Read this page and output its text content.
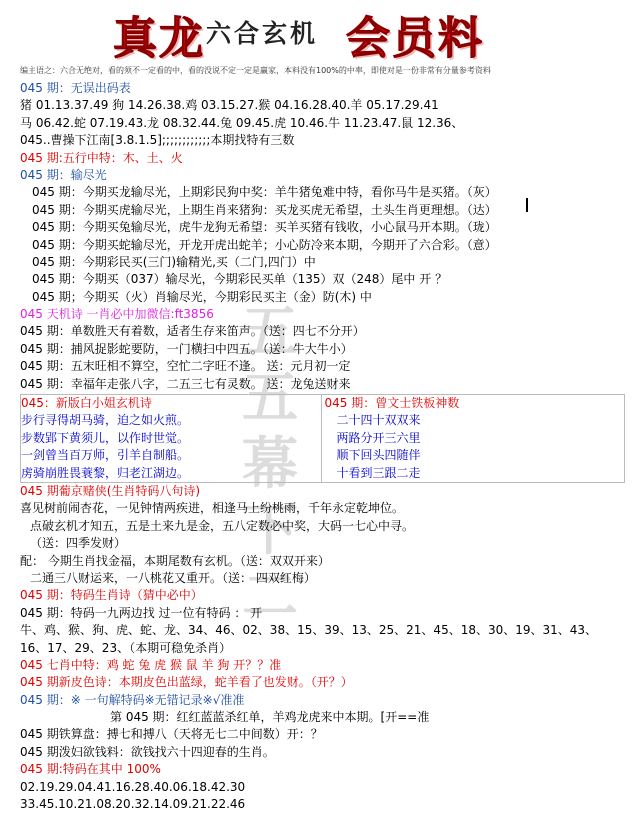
真龙 六合玄机 会员料
编主语之：六合无绝对，看的须不一定看的中，看的没说不定一定是赢家，本料没有100%的中率，即使对是一份非常有分量参考资料
五 五 幕 下 二
045 期：无误出码表
猪 01.13.37.49 狗 14.26.38.鸡 03.15.27.猴 04.16.28.40.羊 05.17.29.41
马 06.42.蛇 07.19.43.龙 08.32.44.兔 09.45.虎 10.46.牛 11.23.47.鼠 12.36、
045..曹操下江南[3.8.1.5];;;;;;;;;;;;本期找特有三数
045 期:五行中特：木、土、火
045 期：输尽光
045 期：今期买龙输尽光，上期彩民狗中奖：羊牛猪兔难中特，看你马牛是买猪。（灰）
045 期：今期买虎输尽光，上期生肖来猪狗：买龙买虎无希望，土头生肖更理想。（达）
045 期：今期买兔输尽光，虎牛龙狗无希望：买羊买猪有钱收，小心鼠马开本期。（珑）
045 期：今期买蛇输尽光，开龙开虎出蛇羊；小心防冷来本期，今期开了六合彩。（意）
045 期：今期彩民买(三门)输精光,买（二门,四门）中
045 期：今期买（037）输尽光，今期彩民买单（135）双（248）尾中 开 ？
045 期；今期买（火）肖输尽光，今期彩民买主（金）防(木) 中
045 天机诗 一肖必中加微信:ft3856
045 期：单数胜天有着数，适者生存来笛声。（送：四七不分开）
045 期：捕风捉影蛇要防，一门横扫中四五。（送：牛大牛小）
045 期：五末旺相不算空，空忙二字旺不逢。 送：元月初一定
045 期：幸福年走张八字，二五三七有灵数。 送：龙兔送财来
045：新版白小姐玄机诗
步行寻得胡马骑，迫之如火煎。
步数郢下黄须儿，以作时世觉。
一剑曾当百万师，引羊自制船。
虏骑崩胜畏蓑黎，归老江湖边。
045 期：曾文士铁板神数
二十四十双双来
两路分开三六里
顺下回头四随伴
十看到三跟二走
045 期葡京赌侠(生肖特码八句诗)
喜见树前闹杏花，一见钟情两疾进，相逢马上纷桃雨，千年永定乾坤位。
点破玄机才知五，五是土来九是金，五八定数必中奖，大码一七心中寻。
（送：四季发财）
配： 今期生肖找金福，本期尾数有玄机。（送：双双开来）
二通三八财运来，一八桃花又重开。（送： 四双红梅）
045 期：特码生肖诗（猜中必中）
045 期：特码一九两边找 过一位有特码 ： 开
牛、鸡、猴、狗、虎、蛇、龙、34、46、02、38、15、39、13、25、21、45、18、30、19、31、43、
16、17、29、23、（本期可稳免杀肖）
045 七肖中特：鸡 蛇 兔 虎 猴 鼠 羊 狗 开？？准
045 期新皮色诗：本期皮色出蓝绿，蛇羊看了也发财。（开？）
045 期：※ 一句解特码※无错记录※√准准
第 045 期：红红蓝蓝杀红单，羊鸡龙虎来中本期。[开==准
045 期铁算盘：搏七和搏八（天将无七二中间数）开：？
045 期泼妇欲钱料：欲钱找六十四迎春的生肖。
045 期:特码在其中 100%
02.19.29.04.41.16.28.40.06.18.42.30
33.45.10.21.08.20.32.14.09.21.22.46
